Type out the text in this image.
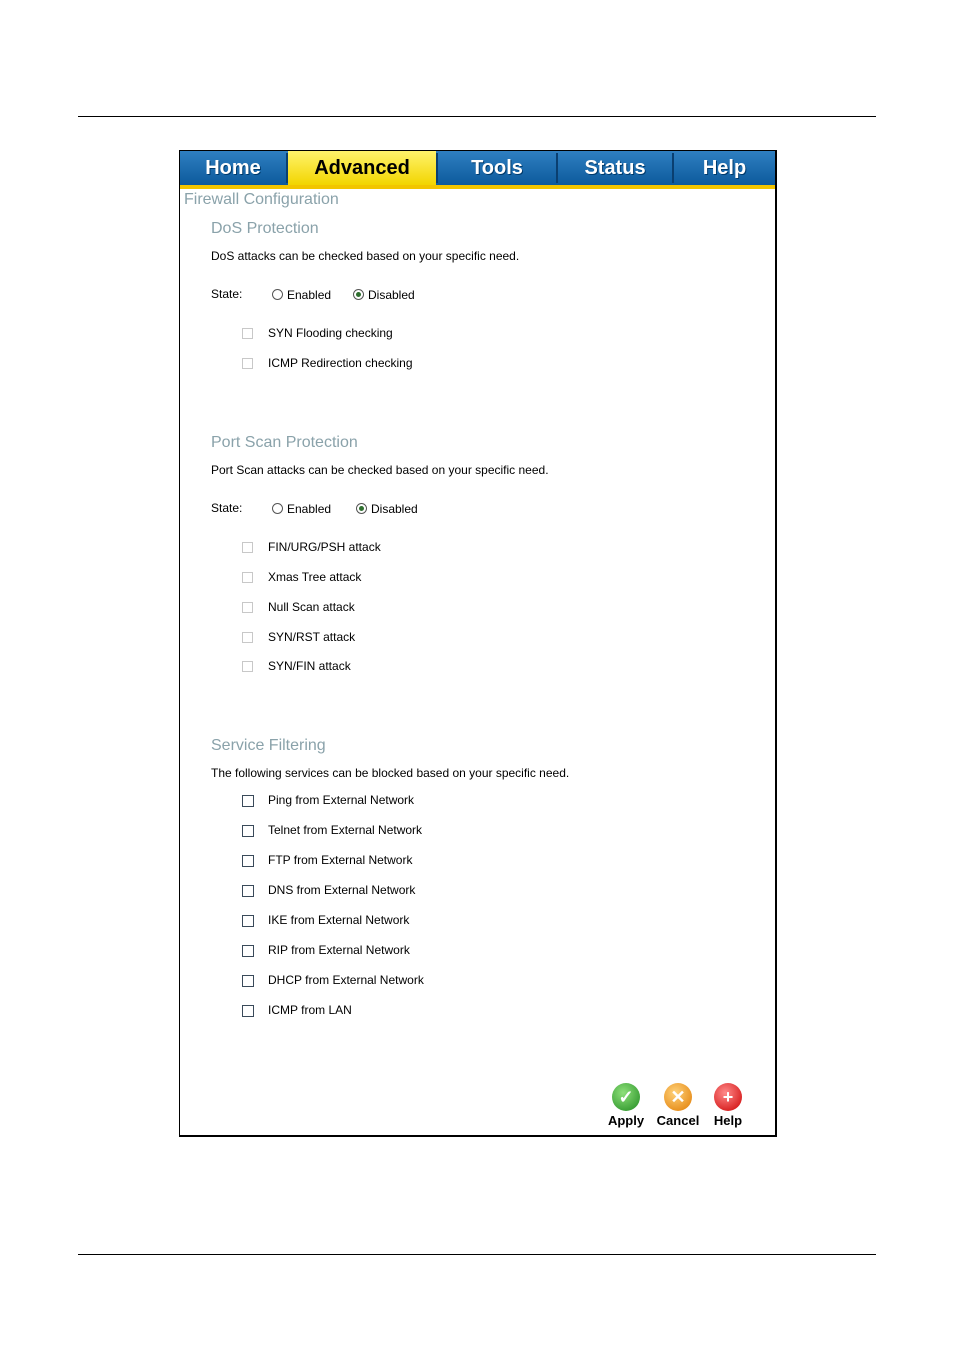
Home	Advanced	Tools	Status	Help
Firewall Configuration
DoS Protection
DoS attacks can be checked based on your specific need.
State:	Enabled	Disabled
SYN Flooding checking
ICMP Redirection checking
Port Scan Protection
Port Scan attacks can be checked based on your specific need.
State:	Enabled	Disabled
FIN/URG/PSH attack
Xmas Tree attack
Null Scan attack
SYN/RST attack
SYN/FIN attack
Service Filtering
The following services can be blocked based on your specific need.
Ping from External Network
Telnet from External Network
FTP from External Network
DNS from External Network
IKE from External Network
RIP from External Network
DHCP from External Network
ICMP from LAN
✓
Apply
✕
Cancel
+
Help
